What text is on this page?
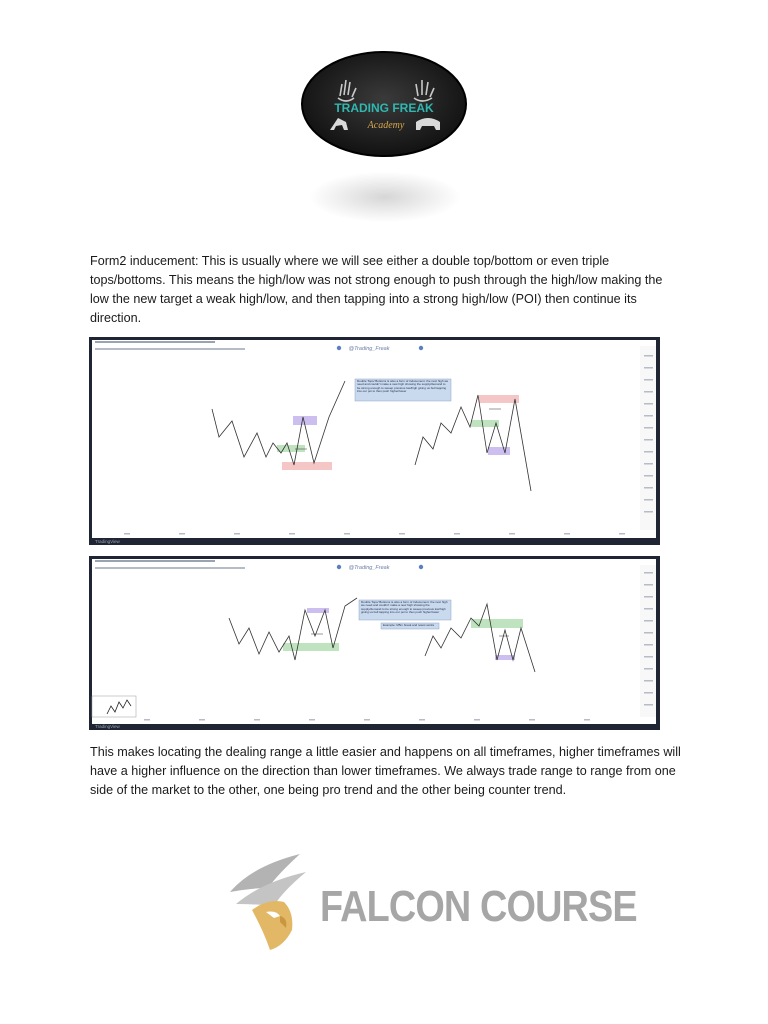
TRADING FREAK
Academy

Form2 inducement: This is usually where we will see either a double top/bottom or even triple tops/bottoms. This means the high/low was not strong enough to push through the high/low making the low the new target a weak high/low, and then tapping into a strong high/low (POI) then continue its direction.

@Trading_Freak
Double Tops/ Bottoms is also a form of inducement. the next high we need and couldn't make a new high showing the supply/demand to be strong enough to sweep previous low/high giving us bull tapping into our poi to then push higher/lower
TradingView
@Trading_Freak
Double Tops/ Bottoms is also a form of inducement. the next high we need and couldn't make a new high showing the supply/demand to be strong enough to sweep previous low/high giving us bull tapping into our poi to then push higher/lower
Example: M5m break and retest works
TradingView

This makes locating the dealing range a little easier and happens on all timeframes, higher timeframes will have a higher influence on the direction than lower timeframes. We always trade range to range from one side of the market to the other, one being pro trend and the other being counter trend.

FALCON COURSE
